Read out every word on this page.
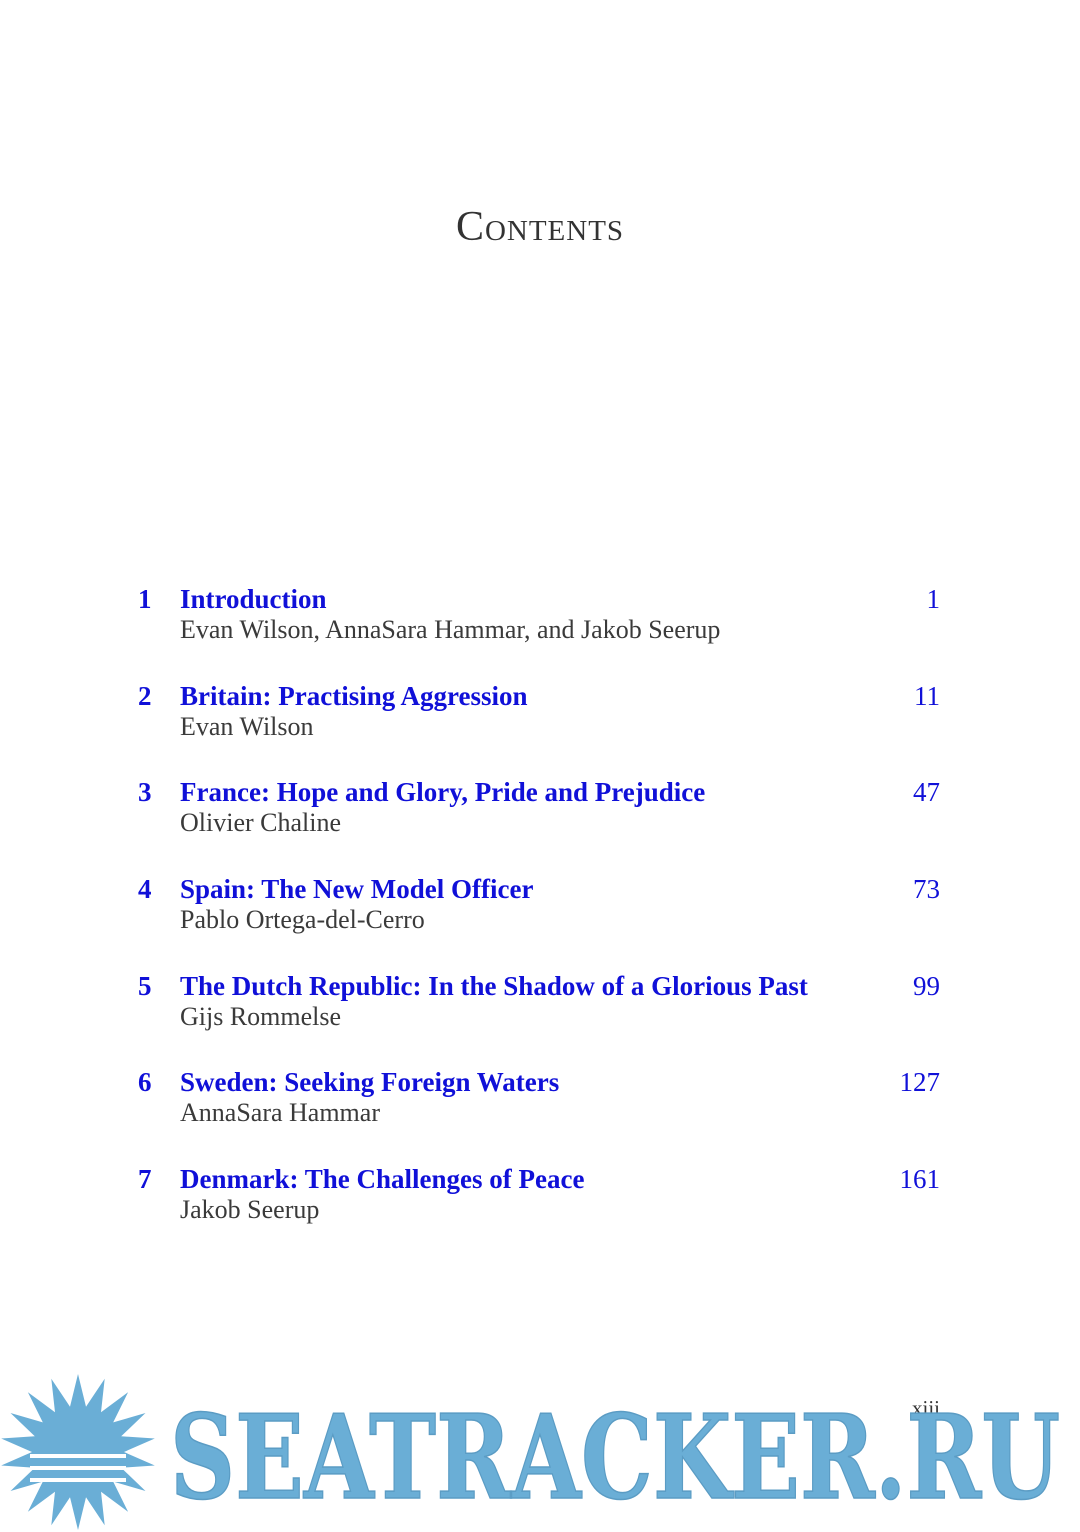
Contents
1 Introduction
Evan Wilson, AnnaSara Hammar, and Jakob Seerup
1
2 Britain: Practising Aggression
Evan Wilson
11
3 France: Hope and Glory, Pride and Prejudice
Olivier Chaline
47
4 Spain: The New Model Officer
Pablo Ortega-del-Cerro
73
5 The Dutch Republic: In the Shadow of a Glorious Past
Gijs Rommelse
99
6 Sweden: Seeking Foreign Waters
AnnaSara Hammar
127
7 Denmark: The Challenges of Peace
Jakob Seerup
161
xiii
SEATRACKER.RU
